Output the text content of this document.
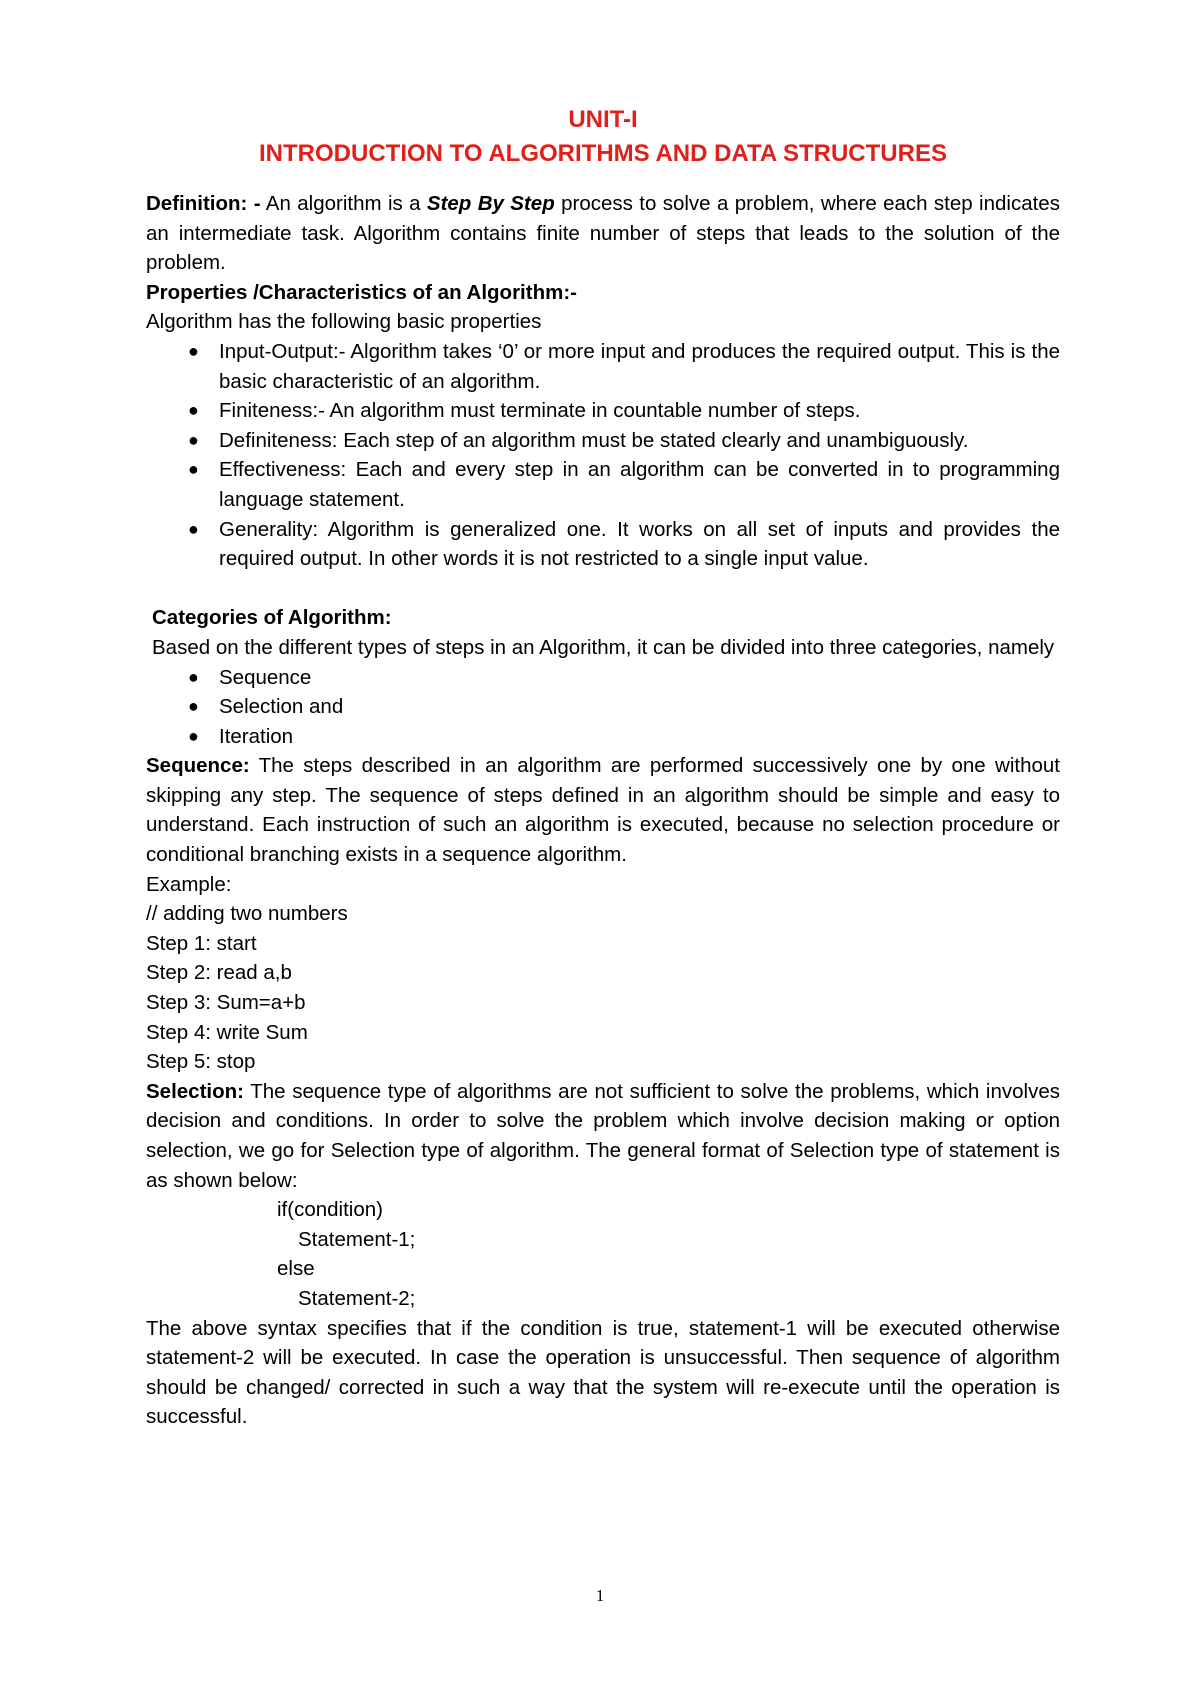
UNIT-I

INTRODUCTION TO ALGORITHMS AND DATA STRUCTURES

Definition: - An algorithm is a Step By Step process to solve a problem, where each step indicates an intermediate task. Algorithm contains finite number of steps that leads to the solution of the problem.

Properties /Characteristics of an Algorithm:-

Algorithm has the following basic properties

● Input-Output:- Algorithm takes ‘0’ or more input and produces the required output. This is the basic characteristic of an algorithm.
● Finiteness:- An algorithm must terminate in countable number of steps.
● Definiteness: Each step of an algorithm must be stated clearly and unambiguously.
● Effectiveness: Each and every step in an algorithm can be converted in to programming language statement.
● Generality: Algorithm is generalized one. It works on all set of inputs and provides the required output. In other words it is not restricted to a single input value.

Categories of Algorithm:

Based on the different types of steps in an Algorithm, it can be divided into three categories, namely

● Sequence
● Selection and
● Iteration

Sequence: The steps described in an algorithm are performed successively one by one without skipping any step. The sequence of steps defined in an algorithm should be simple and easy to understand. Each instruction of such an algorithm is executed, because no selection procedure or conditional branching exists in a sequence algorithm.

Example:

// adding two numbers

Step 1: start

Step 2: read a,b

Step 3: Sum=a+b

Step 4: write Sum

Step 5: stop

Selection: The sequence type of algorithms are not sufficient to solve the problems, which involves decision and conditions. In order to solve the problem which involve decision making or option selection, we go for Selection type of algorithm. The general format of Selection type of statement is as shown below:

if(condition)

Statement-1;

else

Statement-2;

The above syntax specifies that if the condition is true, statement-1 will be executed otherwise statement-2 will be executed. In case the operation is unsuccessful. Then sequence of algorithm should be changed/ corrected in such a way that the system will re-execute until the operation is successful.

1
